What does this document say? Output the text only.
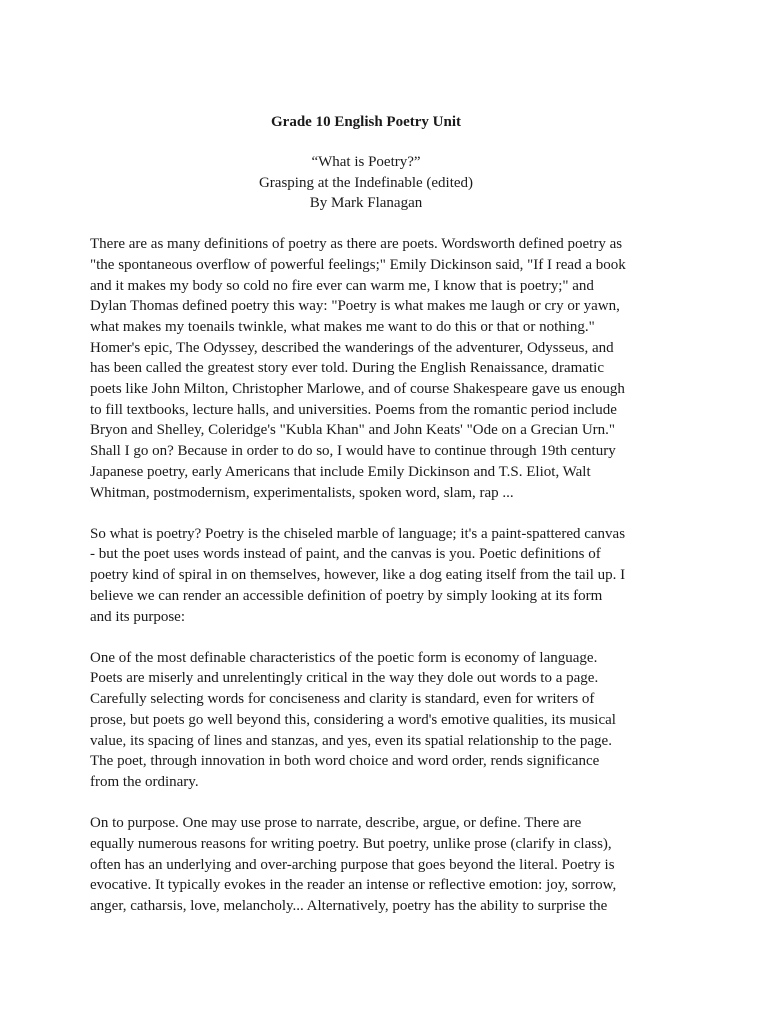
Grade 10 English Poetry Unit
“What is Poetry?”
Grasping at the Indefinable (edited)
By Mark Flanagan
There are as many definitions of poetry as there are poets. Wordsworth defined poetry as
"the spontaneous overflow of powerful feelings;" Emily Dickinson said, "If I read a book
and it makes my body so cold no fire ever can warm me, I know that is poetry;" and
Dylan Thomas defined poetry this way: "Poetry is what makes me laugh or cry or yawn,
what makes my toenails twinkle, what makes me want to do this or that or nothing."
Homer's epic, The Odyssey, described the wanderings of the adventurer, Odysseus, and
has been called the greatest story ever told. During the English Renaissance, dramatic
poets like John Milton, Christopher Marlowe, and of course Shakespeare gave us enough
to fill textbooks, lecture halls, and universities. Poems from the romantic period include
Bryon and Shelley, Coleridge's "Kubla Khan" and John Keats' "Ode on a Grecian Urn."
Shall I go on? Because in order to do so, I would have to continue through 19th century
Japanese poetry, early Americans that include Emily Dickinson and T.S. Eliot, Walt
Whitman, postmodernism, experimentalists, spoken word, slam, rap ...
So what is poetry? Poetry is the chiseled marble of language; it's a paint-spattered canvas
- but the poet uses words instead of paint, and the canvas is you. Poetic definitions of
poetry kind of spiral in on themselves, however, like a dog eating itself from the tail up. I
believe we can render an accessible definition of poetry by simply looking at its form
and its purpose:
One of the most definable characteristics of the poetic form is economy of language.
Poets are miserly and unrelentingly critical in the way they dole out words to a page.
Carefully selecting words for conciseness and clarity is standard, even for writers of
prose, but poets go well beyond this, considering a word's emotive qualities, its musical
value, its spacing of lines and stanzas, and yes, even its spatial relationship to the page.
The poet, through innovation in both word choice and word order, rends significance
from the ordinary.
On to purpose. One may use prose to narrate, describe, argue, or define. There are
equally numerous reasons for writing poetry. But poetry, unlike prose (clarify in class),
often has an underlying and over-arching purpose that goes beyond the literal. Poetry is
evocative. It typically evokes in the reader an intense or reflective emotion: joy, sorrow,
anger, catharsis, love, melancholy... Alternatively, poetry has the ability to surprise the
